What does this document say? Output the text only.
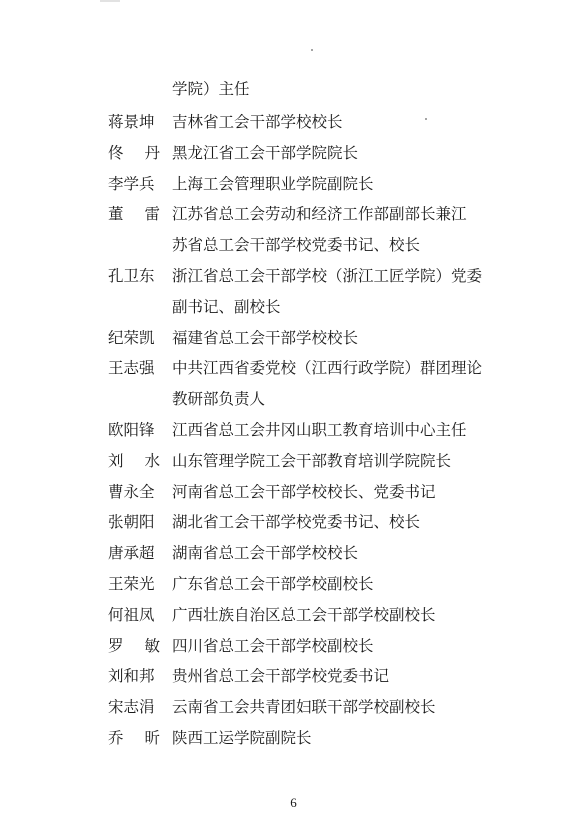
学院）主任
蒋景坤	吉林省工会干部学校校长
佟　丹 黑龙江省工会干部学院院长
李学兵	上海工会管理职业学院副院长
董　雷 江苏省总工会劳动和经济工作部副部长兼江
苏省总工会干部学校党委书记、校长
孔卫东	浙江省总工会干部学校（浙江工匠学院）党委
副书记、副校长
纪荣凯	福建省总工会干部学校校长
王志强	中共江西省委党校（江西行政学院）群团理论
教研部负责人
欧阳锋	江西省总工会井冈山职工教育培训中心主任
刘　水 山东管理学院工会干部教育培训学院院长
曹永全	河南省总工会干部学校校长、党委书记
张朝阳	湖北省工会干部学校党委书记、校长
唐承超	湖南省总工会干部学校校长
王荣光	广东省总工会干部学校副校长
何祖凤	广西壮族自治区总工会干部学校副校长
罗　敏 四川省总工会干部学校副校长
刘和邦	贵州省总工会干部学校党委书记
宋志涓	云南省工会共青团妇联干部学校副校长
乔　昕 陕西工运学院副院长
6
